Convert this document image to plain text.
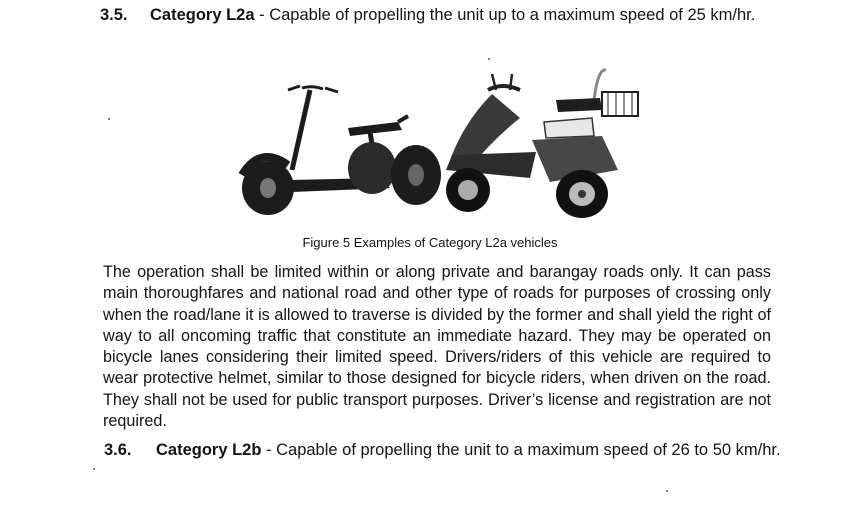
3.5. Category L2a - Capable of propelling the unit up to a maximum speed of 25 km/hr.
Figure 5 Examples of Category L2a vehicles
The operation shall be limited within or along private and barangay roads only. It can pass main thoroughfares and national road and other type of roads for purposes of crossing only when the road/lane it is allowed to traverse is divided by the former and shall yield the right of way to all oncoming traffic that constitute an immediate hazard. They may be operated on bicycle lanes considering their limited speed. Drivers/riders of this vehicle are required to wear protective helmet, similar to those designed for bicycle riders, when driven on the road. They shall not be used for public transport purposes. Driver’s license and registration are not required.
3.6. Category L2b - Capable of propelling the unit to a maximum speed of 26 to 50 km/hr.
